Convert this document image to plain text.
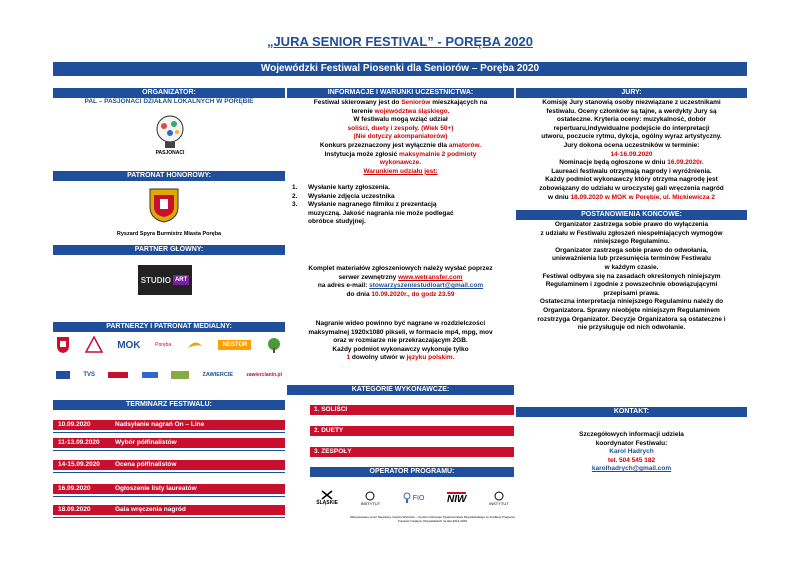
„JURA SENIOR FESTIVAL” - PORĘBA 2020
Wojewódzki Festiwal Piosenki dla Seniorów – Poręba 2020
ORGANIZATOR:
PAL – PASJONACI DZIAŁAŃ LOKALNYCH W PORĘBIE
PASJONACI
PATRONAT HONOROWY:
Ryszard Spyra Burmistrz Miasta Poręba
PARTNER GŁÓWNY:
STUDIO ART
PARTNERZY I PATRONAT MEDIALNY:
MOK	Poręba	NESTOR
TVS	ZAWIERCIE	zawiercianin.pl
TERMINARZ FESTIWALU:
10.09.2020	Nadsyłanie nagrań On – Line
11-13.09.2020 Wybór półfinalistów
14-15.09.2020 Ocena półfinalistów
16.09.2020	Ogłoszenie listy laureatów
18.09.2020	Gala wręczenia nagród
INFORMACJE I WARUNKI UCZESTNICTWA:
Festiwal skierowany jest do Seniorów mieszkających na
terenie województwa śląskiego.
W festiwalu mogą wziąć udział
soliści, duety i zespoły. (Wiek 50+)
(Nie dotyczy akompaniatorów)
Konkurs przeznaczony jest wyłącznie dla amatorów.
Instytucja może zgłosić maksymalnie 2 podmioty
wykonawcze.
Warunkiem udziału jest:
1.	Wysłanie karty zgłoszenia.
2.	Wysłanie zdjęcia uczestnika
3.	Wysłanie nagranego filmiku z prezentacją muzyczną. Jakość nagrania nie może podlegać obróbce studyjnej.
Komplet materiałów zgłoszeniowych należy wysłać poprzez
serwer zewnętrzny www.wetransfer.com
na adres e-mail: stowarzyszeniestudioart@gmail.com
do dnia 10.09.2020r., do godz 23.59
Nagranie wideo powinno być nagrane w rozdzielczości
maksymalnej 1920x1080 pikseli, w formacie mp4, mpg, mov
oraz w rozmiarze nie przekraczającym 2GB.
Każdy podmiot wykonawczy wykonuje tylko
1 dowolny utwór w języku polskim.
KATEGORIE WYKONAWCZE:
1. SOLIŚCI
2. DUETY
3. ZESPOŁY
OPERATOR PROGRAMU:
ŚLĄSKIE	INSTYTUT
FIO NIW	INSTYTUT
Sfinansowano przez Narodowy Instytut Wolności – Centrum Rozwoju Społeczeństwa Obywatelskiego ze środków Programu Fundusz Inicjatyw Obywatelskich na lata 2014-2020
JURY:
Komisję Jury stanowią osoby niezwiązane z uczestnikami
festiwalu. Oceny członków są tajne, a werdykty Jury są
ostateczne. Kryteria oceny: muzykalność, dobór
repertuaru,indywidualne podejście do interpretacji
utworu, poczucie rytmu, dykcja, ogólny wyraz artystyczny.
Jury dokona ocena uczestników w terminie:
14-16.09.2020
Nominacje będą ogłoszone w dniu 16.09.2020r.
Laureaci festiwalu otrzymają nagrody i wyróżnienia.
Każdy podmiot wykonawczy który otrzyma nagrodę jest
zobowiązany do udziału w uroczystej gali wręczenia nagród
w dniu 18.09.2020 w MOK w Porębie, ul. Mickiewicza 2
POSTANOWIENIA KOŃCOWE:
Organizator zastrzega sobie prawo do wyłączenia
z udziału w Festiwalu zgłoszeń niespełniających wymogów
niniejszego Regulaminu.
Organizator zastrzega sobie prawo do odwołania,
unieważnienia lub przesunięcia terminów Festiwalu
w każdym czasie.
Festiwal odbywa się na zasadach określonych niniejszym
Regulaminem i zgodnie z powszechnie obowiązującymi
przepisami prawa.
Ostateczna interpretacja niniejszego Regulaminu należy do
Organizatora. Sprawy nieobjęte niniejszym Regulaminem
rozstrzyga Organizator. Decyzje Organizatora są ostateczne i
nie przysługuje od nich odwołanie.
KONTAKT:
Szczegółowych informacji udziela
koordynator Festiwalu:
Karol Hadrych
tel. 504 545 182
karolhadrych@gmail.com
